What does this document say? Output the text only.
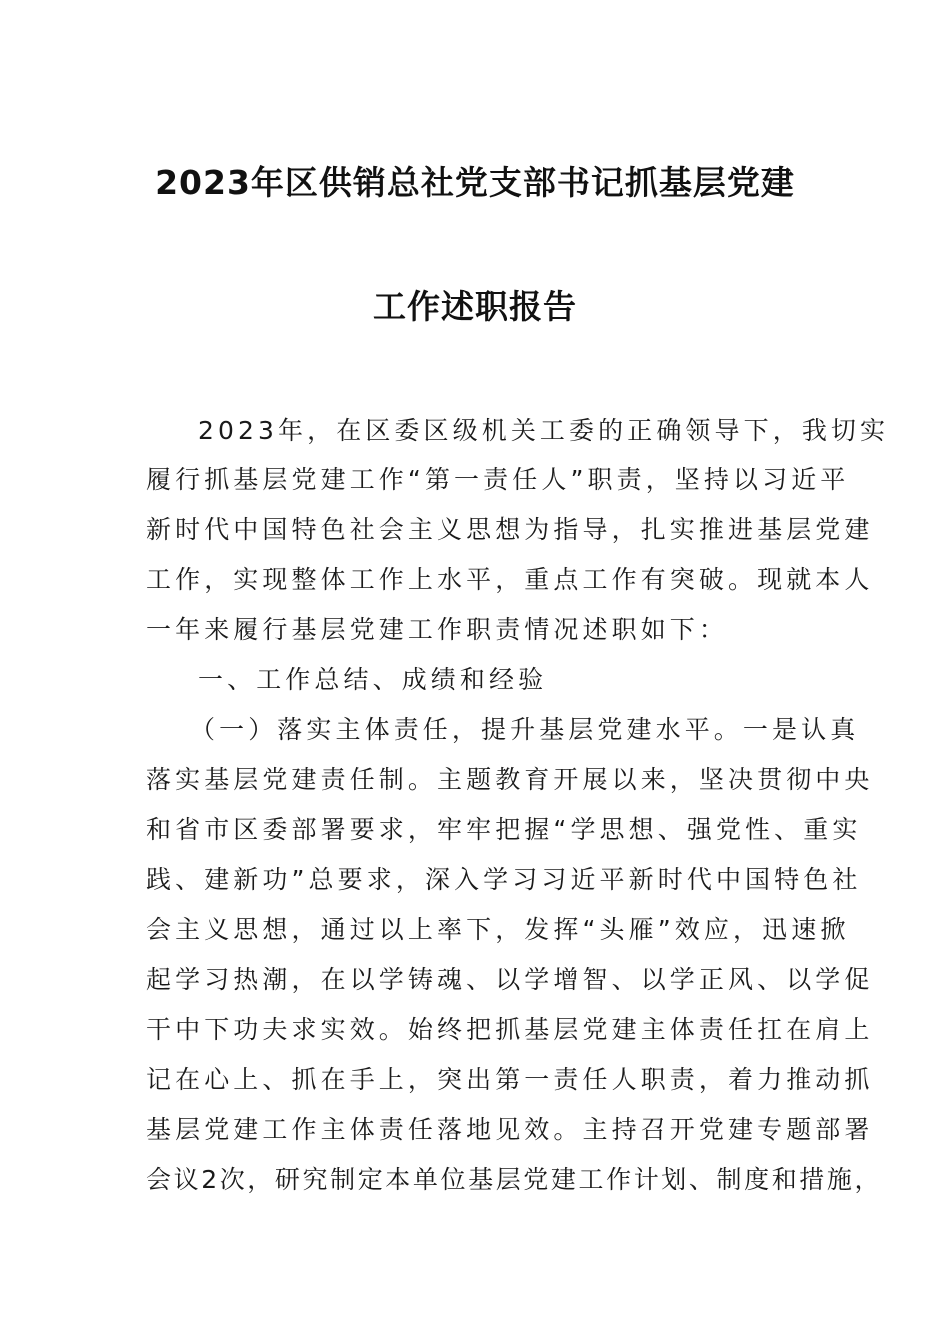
2023年区供销总社党支部书记抓基层党建
工作述职报告
2023年，在区委区级机关工委的正确领导下，我切实
履行抓基层党建工作“第一责任人”职责，坚持以习近平
新时代中国特色社会主义思想为指导，扎实推进基层党建
工作，实现整体工作上水平，重点工作有突破。现就本人
一年来履行基层党建工作职责情况述职如下：
一、工作总结、成绩和经验
（一）落实主体责任，提升基层党建水平。一是认真
落实基层党建责任制。主题教育开展以来，坚决贯彻中央
和省市区委部署要求，牢牢把握“学思想、强党性、重实
践、建新功”总要求，深入学习习近平新时代中国特色社
会主义思想，通过以上率下，发挥“头雁”效应，迅速掀
起学习热潮，在以学铸魂、以学增智、以学正风、以学促
干中下功夫求实效。始终把抓基层党建主体责任扛在肩上
记在心上、抓在手上，突出第一责任人职责，着力推动抓
基层党建工作主体责任落地见效。主持召开党建专题部署
会议2次，研究制定本单位基层党建工作计划、制度和措施，
